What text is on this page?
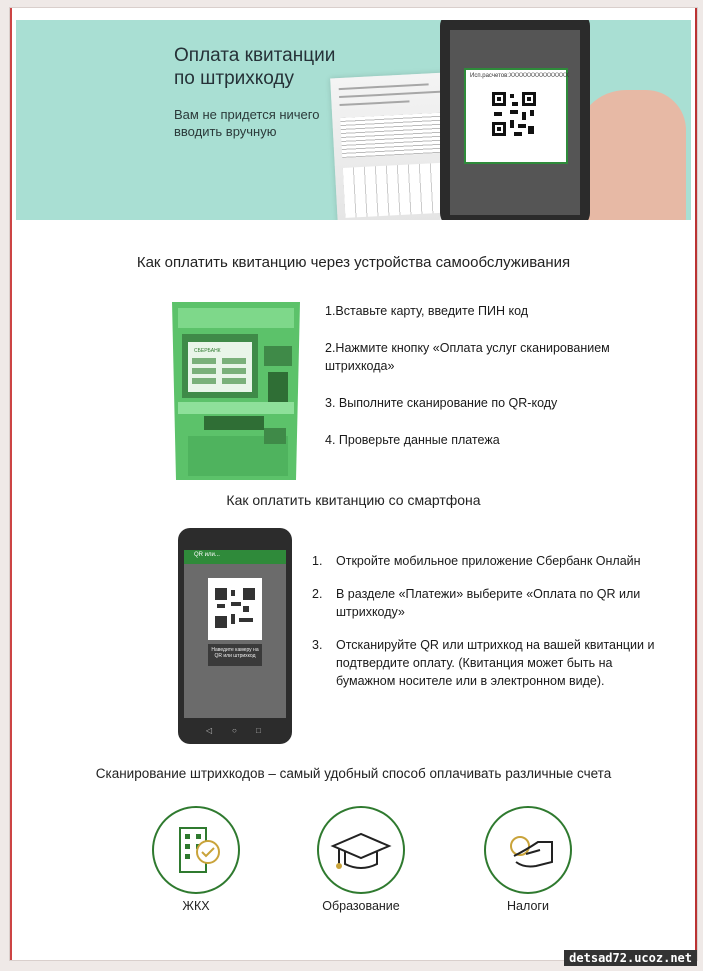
Исп.расчетов:XXXXXXXXXXXXXXX
Оплата квитанции
по штрихкоду
Вам не придется ничего
вводить вручную
Как оплатить квитанцию через устройства самообслуживания
СБЕРБАНК

1.Вставьте карту, введите ПИН код

2.Нажмите кнопку «Оплата услуг сканированием штрихкода»

3. Выполните сканирование по QR-коду

4. Проверьте данные платежа

Как оплатить квитанцию со смартфона
QR или...
Наведите камеру на QR или штрихкод
◁ ○ □
1.	Откройте мобильное приложение Сбербанк Онлайн
2.	В разделе «Платежи» выберите «Оплата по QR или штрихкоду»
3.	Отсканируйте QR или штрихкод на вашей квитанции и подтвердите оплату. (Квитанция может быть на бумажном носителе или в электронном виде).
Сканирование штрихкодов – самый удобный способ оплачивать различные счета
ЖКХ	Образование	Налоги
detsad72.ucoz.net
